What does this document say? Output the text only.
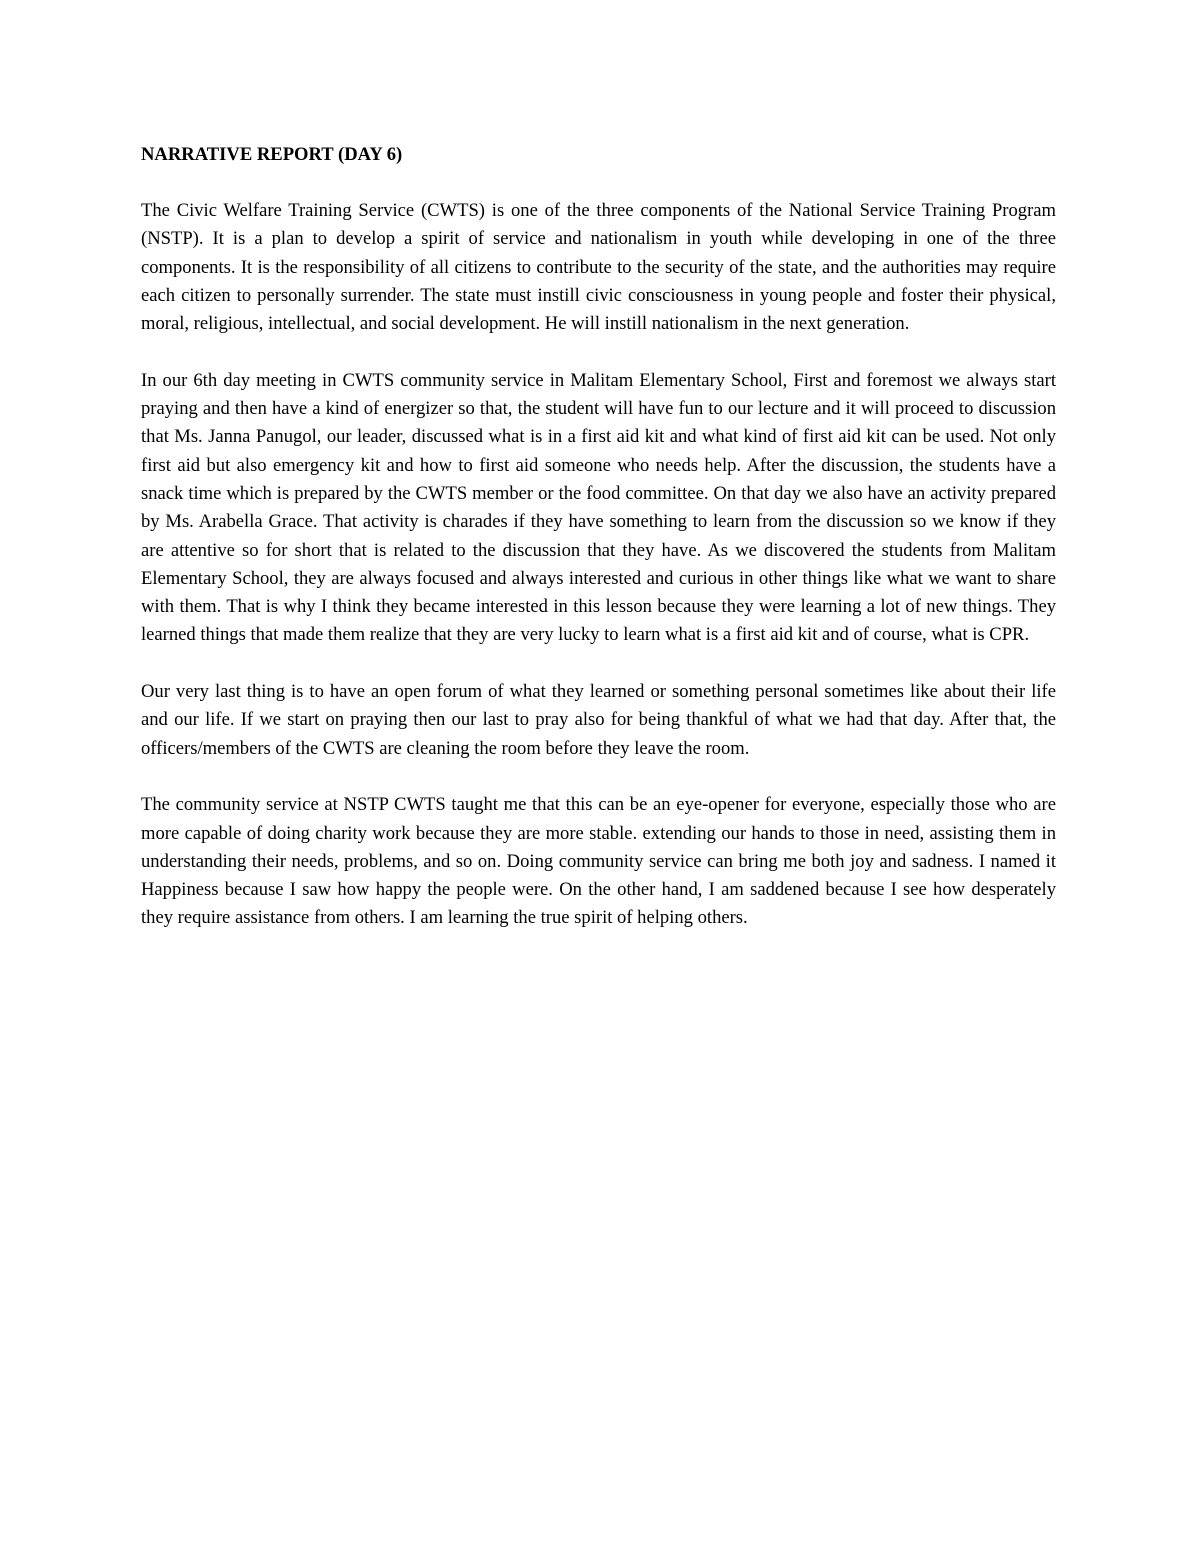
NARRATIVE REPORT (DAY 6)

The Civic Welfare Training Service (CWTS) is one of the three components of the National Service Training Program (NSTP). It is a plan to develop a spirit of service and nationalism in youth while developing in one of the three components. It is the responsibility of all citizens to contribute to the security of the state, and the authorities may require each citizen to personally surrender. The state must instill civic consciousness in young people and foster their physical, moral, religious, intellectual, and social development. He will instill nationalism in the next generation.

In our 6th day meeting in CWTS community service in Malitam Elementary School, First and foremost we always start praying and then have a kind of energizer so that, the student will have fun to our lecture and it will proceed to discussion that Ms. Janna Panugol, our leader, discussed what is in a first aid kit and what kind of first aid kit can be used. Not only first aid but also emergency kit and how to first aid someone who needs help. After the discussion, the students have a snack time which is prepared by the CWTS member or the food committee. On that day we also have an activity prepared by Ms. Arabella Grace. That activity is charades if they have something to learn from the discussion so we know if they are attentive so for short that is related to the discussion that they have. As we discovered the students from Malitam Elementary School, they are always focused and always interested and curious in other things like what we want to share with them. That is why I think they became interested in this lesson because they were learning a lot of new things. They learned things that made them realize that they are very lucky to learn what is a first aid kit and of course, what is CPR.

Our very last thing is to have an open forum of what they learned or something personal sometimes like about their life and our life. If we start on praying then our last to pray also for being thankful of what we had that day. After that, the officers/members of the CWTS are cleaning the room before they leave the room.

The community service at NSTP CWTS taught me that this can be an eye-opener for everyone, especially those who are more capable of doing charity work because they are more stable. extending our hands to those in need, assisting them in understanding their needs, problems, and so on. Doing community service can bring me both joy and sadness. I named it Happiness because I saw how happy the people were. On the other hand, I am saddened because I see how desperately they require assistance from others. I am learning the true spirit of helping others.
